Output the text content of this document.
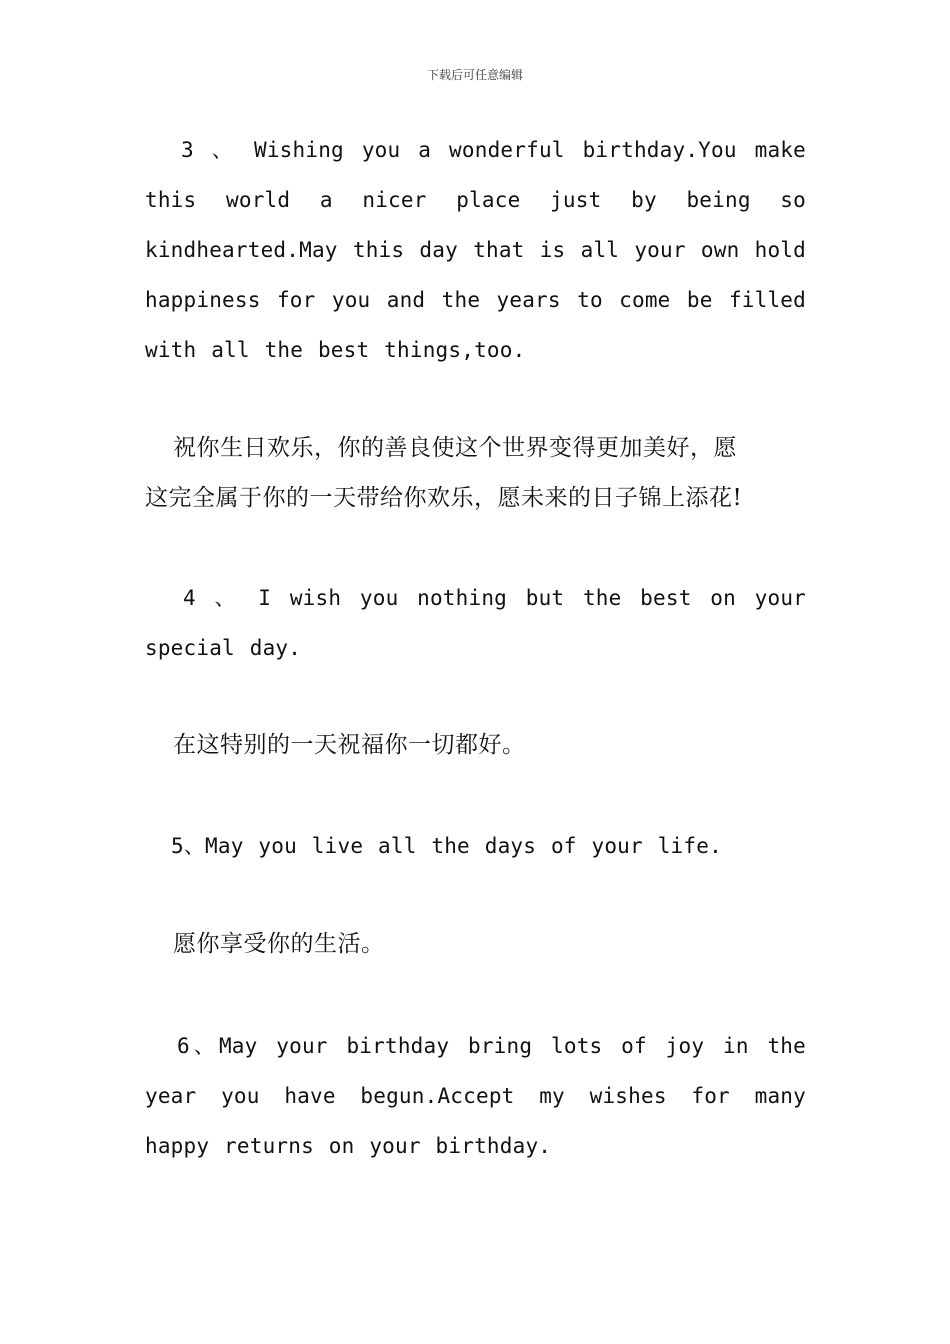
下载后可任意编辑
3 、 Wishing you a wonderful birthday.You make
this world a nicer place just by being so
kindhearted.May this day that is all your own hold
happiness for you and the years to come be filled
with all the best things,too.
祝你生日欢乐，你的善良使这个世界变得更加美好，愿
这完全属于你的一天带给你欢乐，愿未来的日子锦上添花!
4 、 I wish you nothing but the best on your
special day.
在这特别的一天祝福你一切都好。
5、May you live all the days of your life.
愿你享受你的生活。
6、May your birthday bring lots of joy in the
year you have begun.Accept my wishes for many
happy returns on your birthday.
